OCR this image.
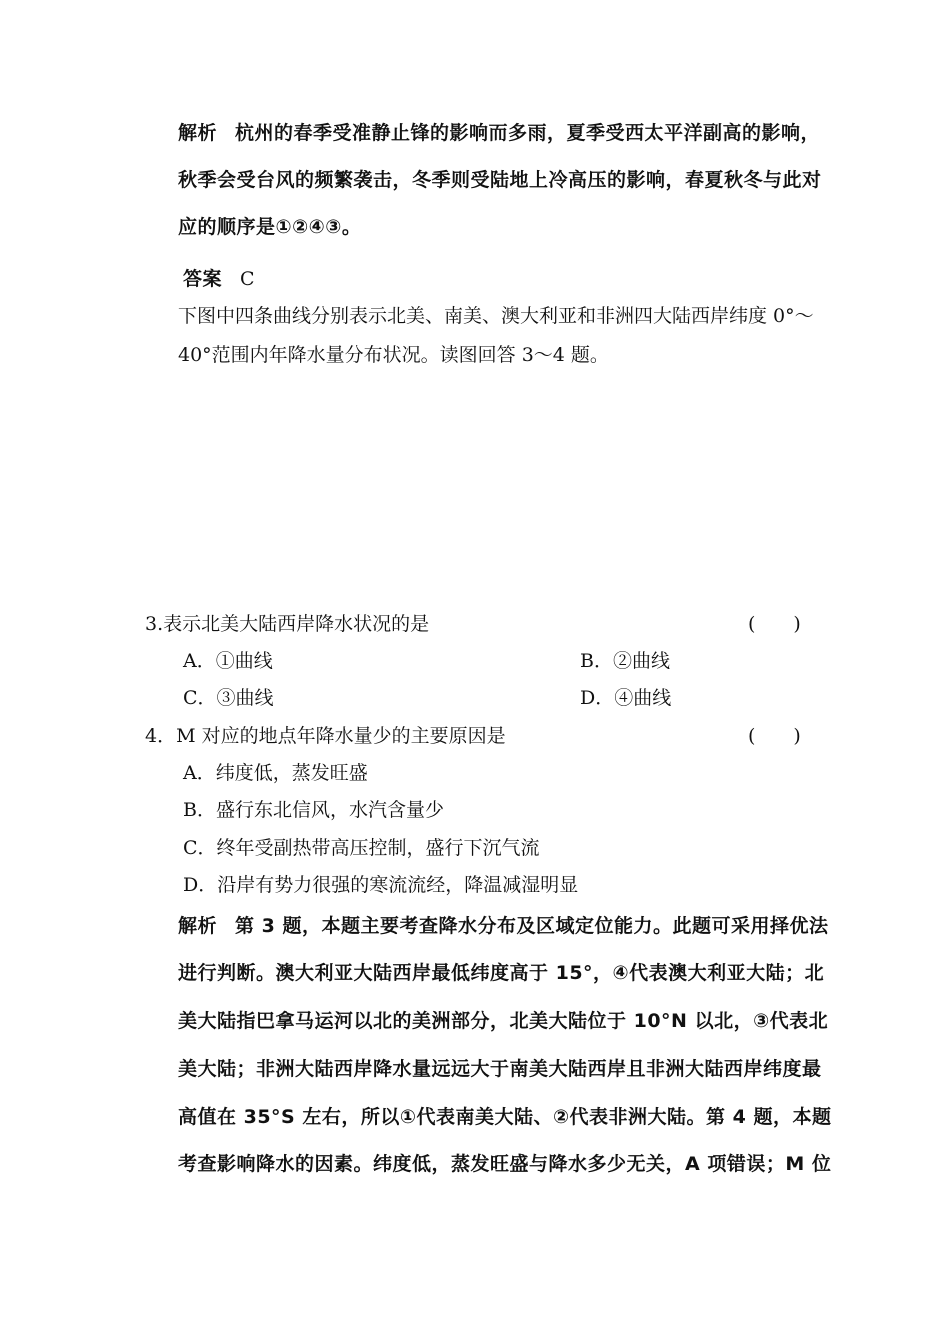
解析 杭州的春季受准静止锋的影响而多雨，夏季受西太平洋副高的影响，
秋季会受台风的频繁袭击，冬季则受陆地上冷高压的影响，春夏秋冬与此对
应的顺序是①②④③。
答案 C
下图中四条曲线分别表示北美、南美、澳大利亚和非洲四大陆西岸纬度 0°～
40°范围内年降水量分布状况。读图回答 3～4 题。
3.表示北美大陆西岸降水状况的是	(　　)
A．①曲线	B．②曲线
C．③曲线	D．④曲线
4．M 对应的地点年降水量少的主要原因是	(　　)
A．纬度低，蒸发旺盛
B．盛行东北信风，水汽含量少
C．终年受副热带高压控制，盛行下沉气流
D．沿岸有势力很强的寒流流经，降温减湿明显
解析 第 3 题，本题主要考查降水分布及区域定位能力。此题可采用择优法
进行判断。澳大利亚大陆西岸最低纬度高于 15°，④代表澳大利亚大陆；北
美大陆指巴拿马运河以北的美洲部分，北美大陆位于 10°N 以北，③代表北
美大陆；非洲大陆西岸降水量远远大于南美大陆西岸且非洲大陆西岸纬度最
高值在 35°S 左右，所以①代表南美大陆、②代表非洲大陆。第 4 题，本题
考查影响降水的因素。纬度低，蒸发旺盛与降水多少无关，A 项错误；M 位
